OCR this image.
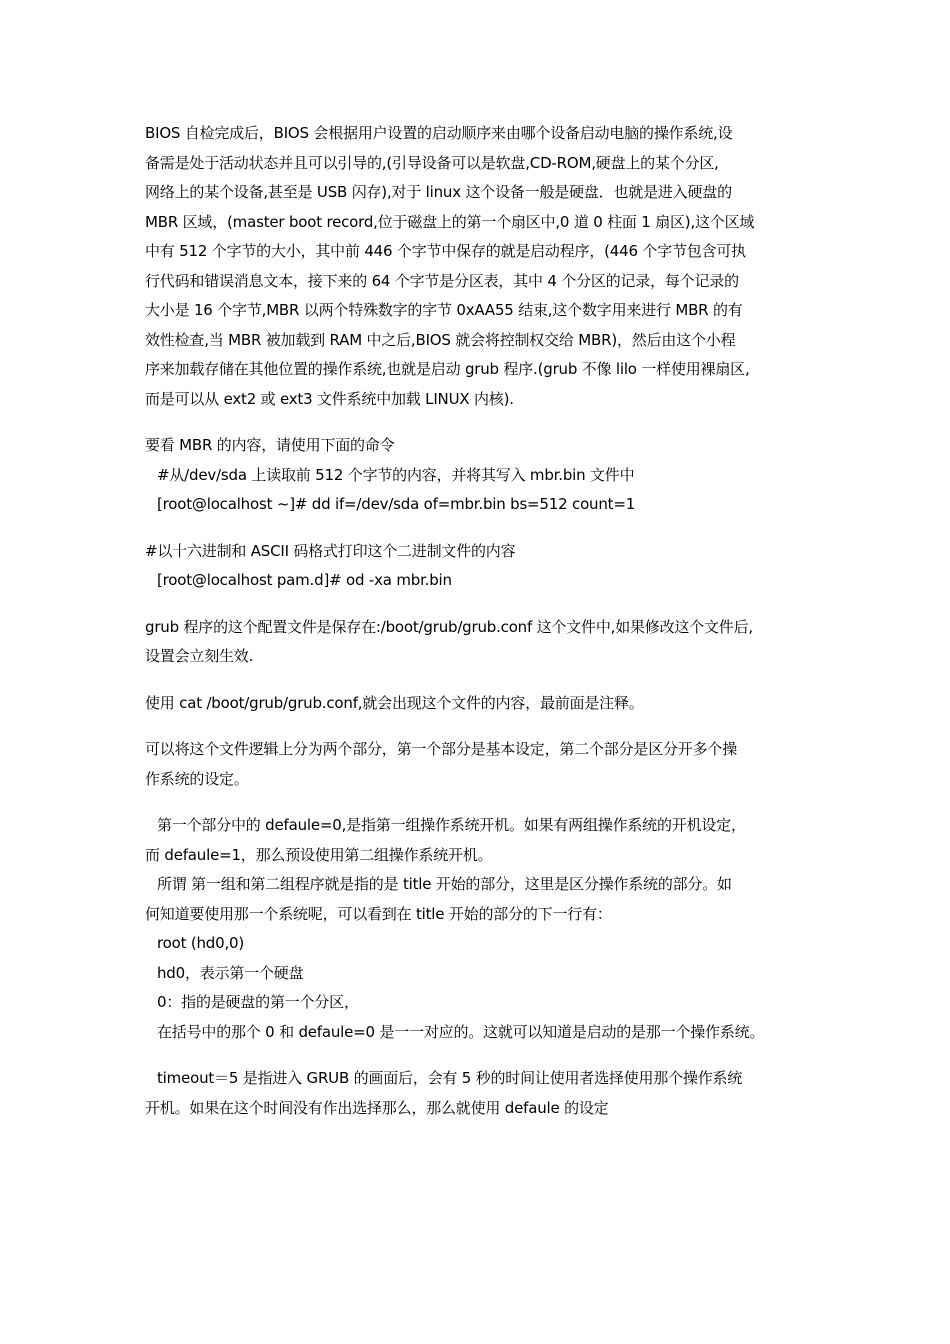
BIOS 自检完成后，BIOS 会根据用户设置的启动顺序来由哪个设备启动电脑的操作系统,设
备需是处于活动状态并且可以引导的,(引导设备可以是软盘,CD-ROM,硬盘上的某个分区,
网络上的某个设备,甚至是 USB 闪存),对于 linux 这个设备一般是硬盘．也就是进入硬盘的
MBR 区域，(master boot record,位于磁盘上的第一个扇区中,0 道 0 柱面 1 扇区),这个区域
中有 512 个字节的大小，其中前 446 个字节中保存的就是启动程序，(446 个字节包含可执
行代码和错误消息文本，接下来的 64 个字节是分区表，其中 4 个分区的记录，每个记录的
大小是 16 个字节,MBR 以两个特殊数字的字节 0xAA55 结束,这个数字用来进行 MBR 的有
效性检查,当 MBR 被加载到 RAM 中之后,BIOS 就会将控制权交给 MBR)，然后由这个小程
序来加载存储在其他位置的操作系统,也就是启动 grub 程序.(grub 不像 lilo 一样使用裸扇区,
而是可以从 ext2 或 ext3 文件系统中加载 LINUX 内核).
要看 MBR 的内容，请使用下面的命令
#从/dev/sda 上读取前 512 个字节的内容，并将其写入 mbr.bin 文件中
[root@localhost ~]# dd if=/dev/sda of=mbr.bin bs=512 count=1
#以十六进制和 ASCII 码格式打印这个二进制文件的内容
[root@localhost pam.d]# od -xa mbr.bin
grub 程序的这个配置文件是保存在:/boot/grub/grub.conf 这个文件中,如果修改这个文件后,
设置会立刻生效.
使用 cat /boot/grub/grub.conf,就会出现这个文件的内容，最前面是注释。
可以将这个文件逻辑上分为两个部分，第一个部分是基本设定，第二个部分是区分开多个操
作系统的设定。
第一个部分中的 defaule=0,是指第一组操作系统开机。如果有两组操作系统的开机设定，
而 defaule=1，那么预设使用第二组操作系统开机。
所谓 第一组和第二组程序就是指的是 title 开始的部分，这里是区分操作系统的部分。如
何知道要使用那一个系统呢，可以看到在 title 开始的部分的下一行有：
root (hd0,0)
hd0，表示第一个硬盘
0：指的是硬盘的第一个分区，
在括号中的那个 0 和 defaule=0 是一一对应的。这就可以知道是启动的是那一个操作系统。
timeout＝5 是指进入 GRUB 的画面后，会有 5 秒的时间让使用者选择使用那个操作系统
开机。如果在这个时间没有作出选择那么，那么就使用 defaule 的设定
